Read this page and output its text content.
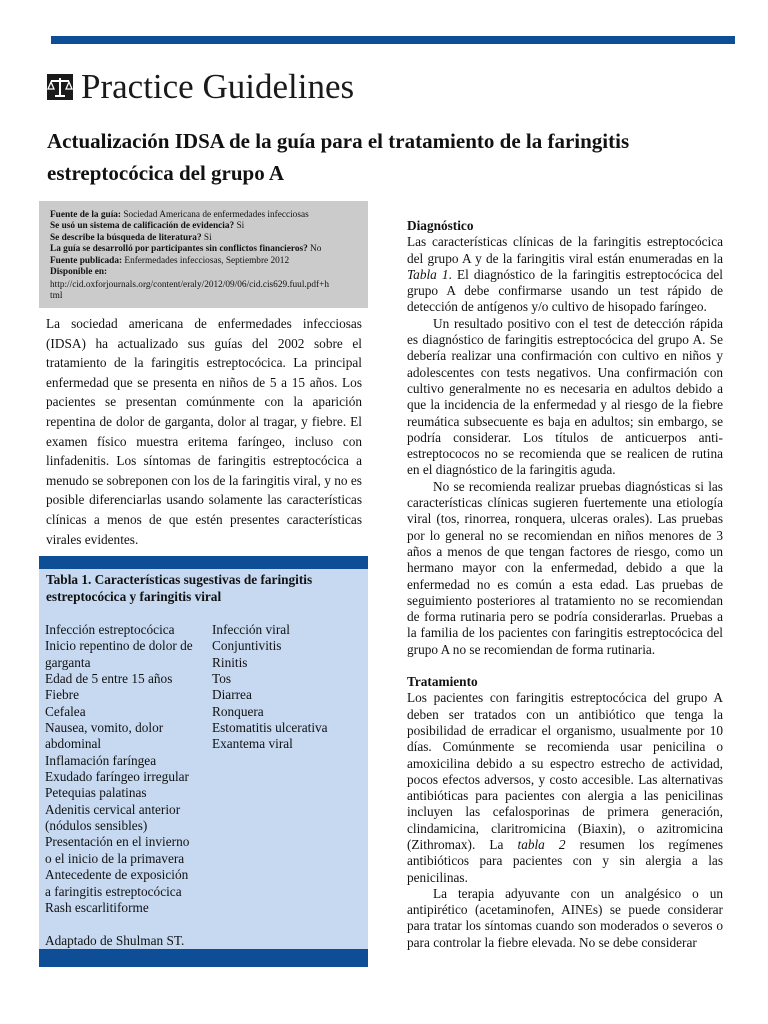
Practice Guidelines
Actualización IDSA de la guía para el tratamiento de la faringitis estreptocócica del grupo A
Fuente de la guía: Sociedad Americana de enfermedades infecciosas
Se usó un sistema de calificación de evidencia? Si
Se describe la búsqueda de literatura? Si
La guía se desarrolló por participantes sin conflictos financieros? No
Fuente publicada: Enfermedades infecciosas, Septiembre 2012
Disponible en:
http://cid.oxforjournals.org/content/eraly/2012/09/06/cid.cis629.fuul.pdf+h
tml

La sociedad americana de enfermedades infecciosas (IDSA) ha actualizado sus guías del 2002 sobre el tratamiento de la faringitis estreptocócica. La principal enfermedad que se presenta en niños de 5 a 15 años. Los pacientes se presentan comúnmente con la aparición repentina de dolor de garganta, dolor al tragar, y fiebre. El examen físico muestra eritema faríngeo, incluso con linfadenitis. Los síntomas de faringitis estreptocócica a menudo se sobreponen con los de la faringitis viral, y no es posible diferenciarlas usando solamente las características clínicas a menos de que estén presentes características virales evidentes.

Tabla 1. Características sugestivas de faringitis estreptocócica y faringitis viral

Infección estreptocócica
Inicio repentino de dolor de
garganta
Edad de 5 entre 15 años
Fiebre
Cefalea
Nausea, vomito, dolor
abdominal
Inflamación faríngea
Exudado faríngeo irregular
Petequias palatinas
Adenitis cervical anterior
(nódulos sensibles)
Presentación en el invierno
o el inicio de la primavera
Antecedente de exposición
a faringitis estreptocócica
Rash escarlitiforme
Infección viral
Conjuntivitis
Rinitis
Tos
Diarrea
Ronquera
Estomatitis ulcerativa
Exantema viral
Adaptado de Shulman ST.
Diagnóstico

Las características clínicas de la faringitis estreptocócica del grupo A y de la faringitis viral están enumeradas en la Tabla 1. El diagnóstico de la faringitis estreptocócica del grupo A debe confirmarse usando un test rápido de detección de antígenos y/o cultivo de hisopado faríngeo.

Un resultado positivo con el test de detección rápida es diagnóstico de faringitis estreptocócica del grupo A. Se debería realizar una confirmación con cultivo en niños y adolescentes con tests negativos. Una confirmación con cultivo generalmente no es necesaria en adultos debido a que la incidencia de la enfermedad y al riesgo de la fiebre reumática subsecuente es baja en adultos; sin embargo, se podría considerar. Los títulos de anticuerpos anti-estreptococos no se recomienda que se realicen de rutina en el diagnóstico de la faringitis aguda.

No se recomienda realizar pruebas diagnósticas si las características clínicas sugieren fuertemente una etiología viral (tos, rinorrea, ronquera, ulceras orales). Las pruebas por lo general no se recomiendan en niños menores de 3 años a menos de que tengan factores de riesgo, como un hermano mayor con la enfermedad, debido a que la enfermedad no es común a esta edad. Las pruebas de seguimiento posteriores al tratamiento no se recomiendan de forma rutinaria pero se podría considerarlas. Pruebas a la familia de los pacientes con faringitis estreptocócica del grupo A no se recomiendan de forma rutinaria.

Tratamiento

Los pacientes con faringitis estreptocócica del grupo A deben ser tratados con un antibiótico que tenga la posibilidad de erradicar el organismo, usualmente por 10 días. Comúnmente se recomienda usar penicilina o amoxicilina debido a su espectro estrecho de actividad, pocos efectos adversos, y costo accesible. Las alternativas antibióticas para pacientes con alergia a las penicilinas incluyen las cefalosporinas de primera generación, clindamicina, claritromicina (Biaxin), o azitromicina (Zithromax). La tabla 2 resumen los regímenes antibióticos para pacientes con y sin alergia a las penicilinas.

La terapia adyuvante con un analgésico o un antipirético (acetaminofen, AINEs) se puede considerar para tratar los síntomas cuando son moderados o severos o para controlar la fiebre elevada. No se debe considerar
